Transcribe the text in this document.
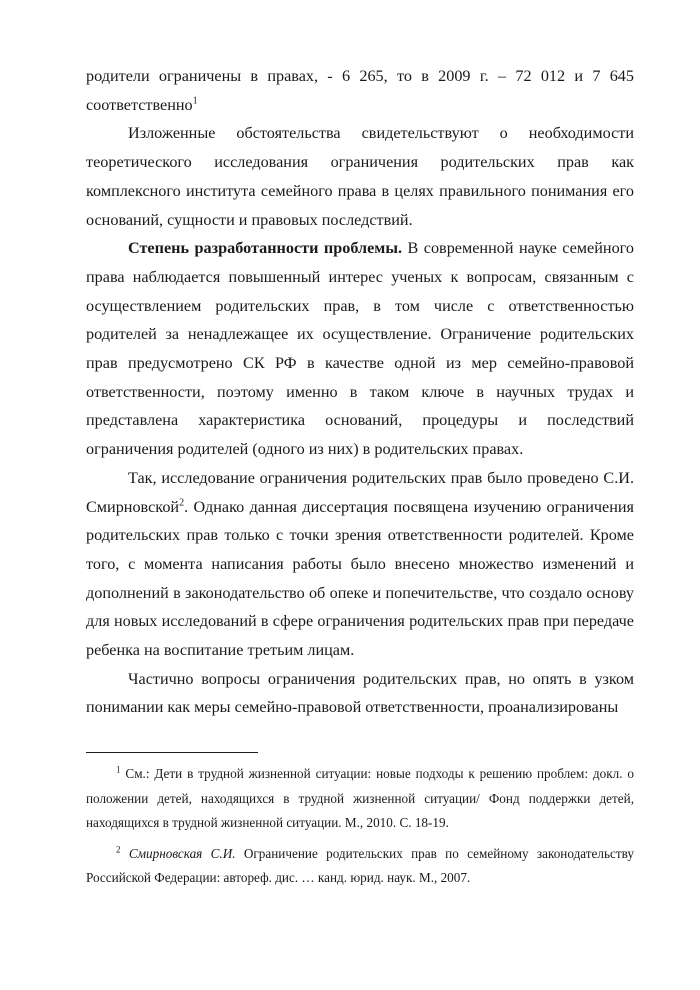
родители ограничены в правах, - 6 265, то в 2009 г. – 72 012 и 7 645 соответственно$^1$

Изложенные обстоятельства свидетельствуют о необходимости теоретического исследования ограничения родительских прав как комплексного института семейного права в целях правильного понимания его оснований, сущности и правовых последствий.

Степень разработанности проблемы. В современной науке семейного права наблюдается повышенный интерес ученых к вопросам, связанным с осуществлением родительских прав, в том числе с ответственностью родителей за ненадлежащее их осуществление. Ограничение родительских прав предусмотрено СК РФ в качестве одной из мер семейно-правовой ответственности, поэтому именно в таком ключе в научных трудах и представлена характеристика оснований, процедуры и последствий ограничения родителей (одного из них) в родительских правах.

Так, исследование ограничения родительских прав было проведено С.И. Смирновской$^2$. Однако данная диссертация посвящена изучению ограничения родительских прав только с точки зрения ответственности родителей. Кроме того, с момента написания работы было внесено множество изменений и дополнений в законодательство об опеке и попечительстве, что создало основу для новых исследований в сфере ограничения родительских прав при передаче ребенка на воспитание третьим лицам.

Частично вопросы ограничения родительских прав, но опять в узком понимании как меры семейно-правовой ответственности, проанализированы

$^1$ См.: Дети в трудной жизненной ситуации: новые подходы к решению проблем: докл. о положении детей, находящихся в трудной жизненной ситуации/ Фонд поддержки детей, находящихся в трудной жизненной ситуации. М., 2010. С. 18-19.

$^2$ Смирновская С.И. Ограничение родительских прав по семейному законодательству Российской Федерации: автореф. дис. … канд. юрид. наук. М., 2007.
